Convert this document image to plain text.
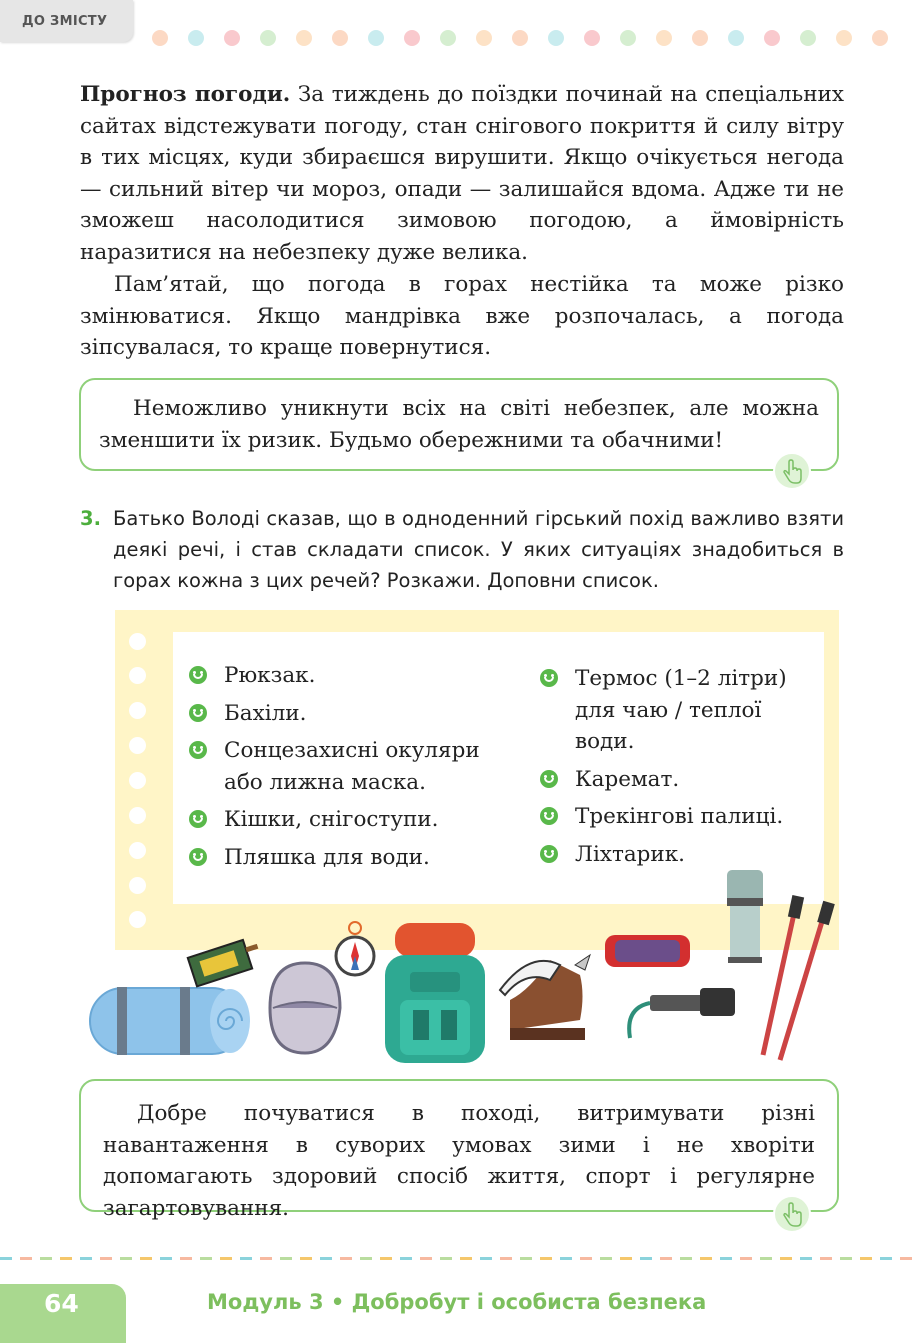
ДО ЗМІСТУ

Прогноз погоди. За тиждень до поїздки починай на спеціальних сайтах відстежувати погоду, стан снігового покриття й силу вітру в тих місцях, куди збираєшся вирушити. Якщо очікується негода — сильний вітер чи мороз, опади — залишайся вдома. Адже ти не зможеш насолодитися зимовою погодою, а ймовірність наразитися на небезпеку дуже велика.

Пам’ятай, що погода в горах нестійка та може різко змінюватися. Якщо мандрівка вже розпочалась, а погода зіпсувалася, то краще повернутися.

Неможливо уникнути всіх на світі небезпек, але можна зменшити їх ризик. Будьмо обережними та обачними!

3. Батько Володі сказав, що в одноденний гірський похід важливо взяти деякі речі, і став складати список. У яких ситуаціях знадобиться в горах кожна з цих речей? Розкажи. Доповни список.
Рюкзак.
Бахіли.
Сонцезахисні окуляри або лижна маска.
Кішки, снігоступи.
Пляшка для води.
Термос (1–2 літри) для чаю / теплої води.
Каремат.
Трекінгові палиці.
Ліхтарик.

Добре почуватися в поході, витримувати різні навантаження в суворих умовах зими і не хворіти допомагають здоровий спосіб життя, спорт і регулярне загартовування.

64	Модуль 3 • Добробут і особиста безпека
